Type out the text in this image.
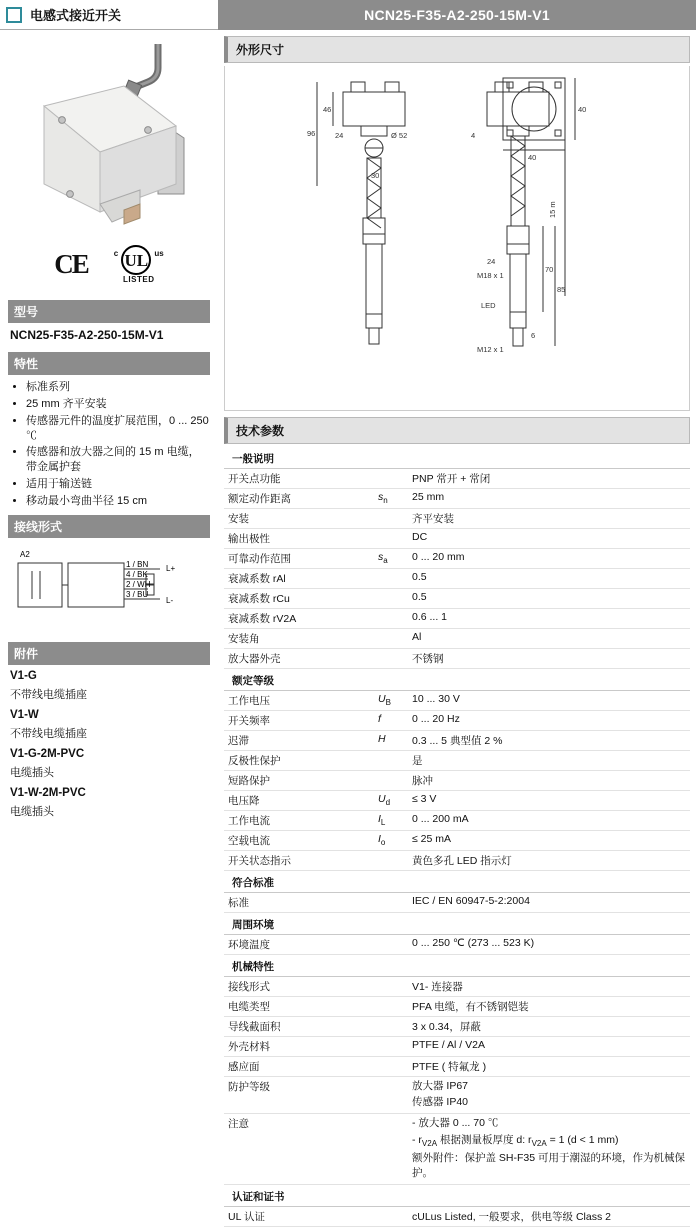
电感式接近开关	NCN25-F35-A2-250-15M-V1
CE	$^c$ UL $^{us}$
LISTED
型号
NCN25-F35-A2-250-15M-V1
特性
• 标准系列
• 25 mm 齐平安装
• 传感器元件的温度扩展范围，0 ... 250 ℃
• 传感器和放大器之间的 15 m 电缆，带金属护套
• 适用于输送链
• 移动最小弯曲半径 15 cm
接线形式
A2
1 / BN
4 / BK
2 / WH
3 / BU
L+
L-
附件
V1-G
不带线电缆插座
V1-W
不带线电缆插座
V1-G-2M-PVC
电缆插头
V1-W-2M-PVC
电缆插头
外形尺寸
40
40
46
96	24	Ø 52
30
4
15 m
24
M18 x 1
LED
M12 x 1
70
85
6
技术参数
一般说明		
开关点功能		PNP 常开 + 常闭
额定动作距离	$s_n$	25 mm
安装		齐平安装
输出极性		DC
可靠动作范围	$s_a$	0 ... 20 mm
衰减系数 rAl		0.5
衰减系数 rCu		0.5
衰减系数 rV2A		0.6 ... 1
安装角		Al
放大器外壳		不锈钢
额定等级		
工作电压	$U_B$	10 ... 30 V
开关频率	f	0 ... 20 Hz
迟滞	H	0.3 ... 5 典型值 2 %
反极性保护		是
短路保护		脉冲
电压降	$U_d$	≤ 3 V
工作电流	$I_L$	0 ... 200 mA
空载电流	$I_o$	≤ 25 mA
开关状态指示		黄色多孔 LED 指示灯
符合标准		
标准		IEC / EN 60947-5-2:2004
周围环境		
环境温度		0 ... 250 ℃ (273 ... 523 K)
机械特性		
接线形式		V1- 连接器
电缆类型		PFA 电缆，有不锈钢铠装
导线截面积		3 x 0.34，屏蔽
外壳材料		PTFE / Al / V2A
感应面		PTFE ( 特氟龙 )
防护等级		放大器 IP67
传感器 IP40

注意		- 放大器 0 ... 70 ℃
- $r_{V2A}$ 根据测量板厚度 d: $r_{V2A} = 1$ (d < 1 mm)
额外附件：保护盖 SH-F35 可用于潮湿的环境，作为机械保护。

认证和证书		
UL 认证		cULus Listed, 一般要求，供电等级 Class 2
